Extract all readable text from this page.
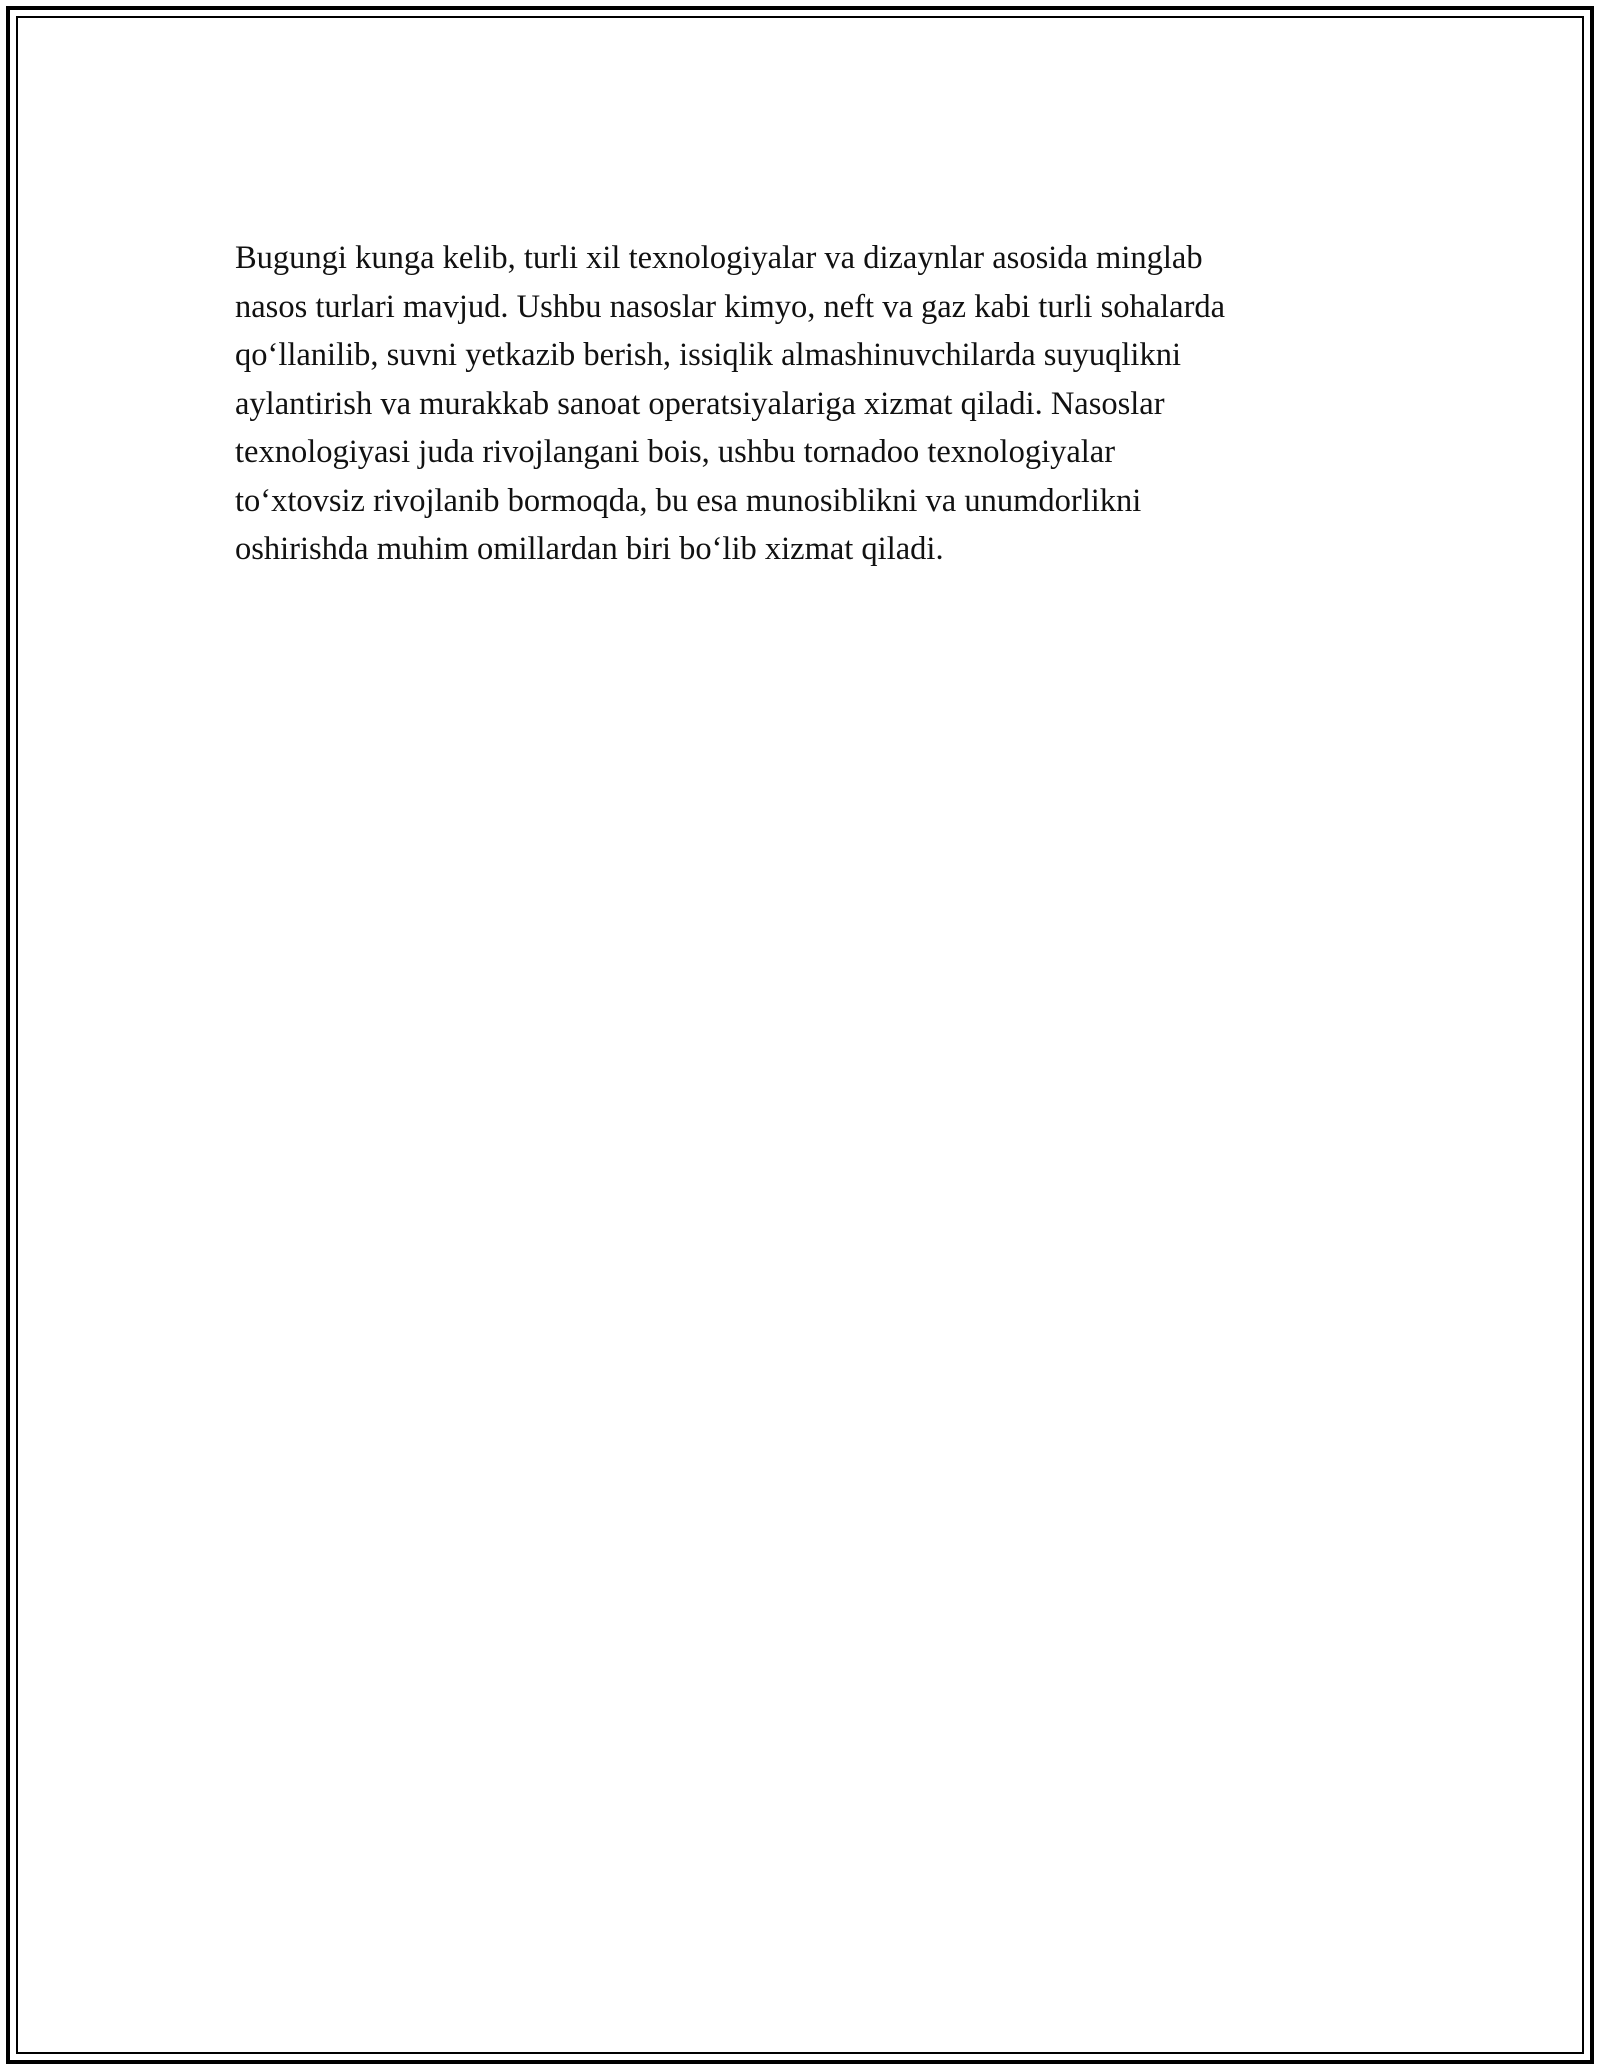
Bugungi kunga kelib, turli xil texnologiyalar va dizaynlar asosida minglab
nasos turlari mavjud. Ushbu nasoslar kimyo, neft va gaz kabi turli sohalarda
qo‘llanilib, suvni yetkazib berish, issiqlik almashinuvchilarda suyuqlikni
aylantirish va murakkab sanoat operatsiyalariga xizmat qiladi. Nasoslar
texnologiyasi juda rivojlangani bois, ushbu tornadoo texnologiyalar
to‘xtovsiz rivojlanib bormoqda, bu esa munosiblikni va unumdorlikni
oshirishda muhim omillardan biri bo‘lib xizmat qiladi.
